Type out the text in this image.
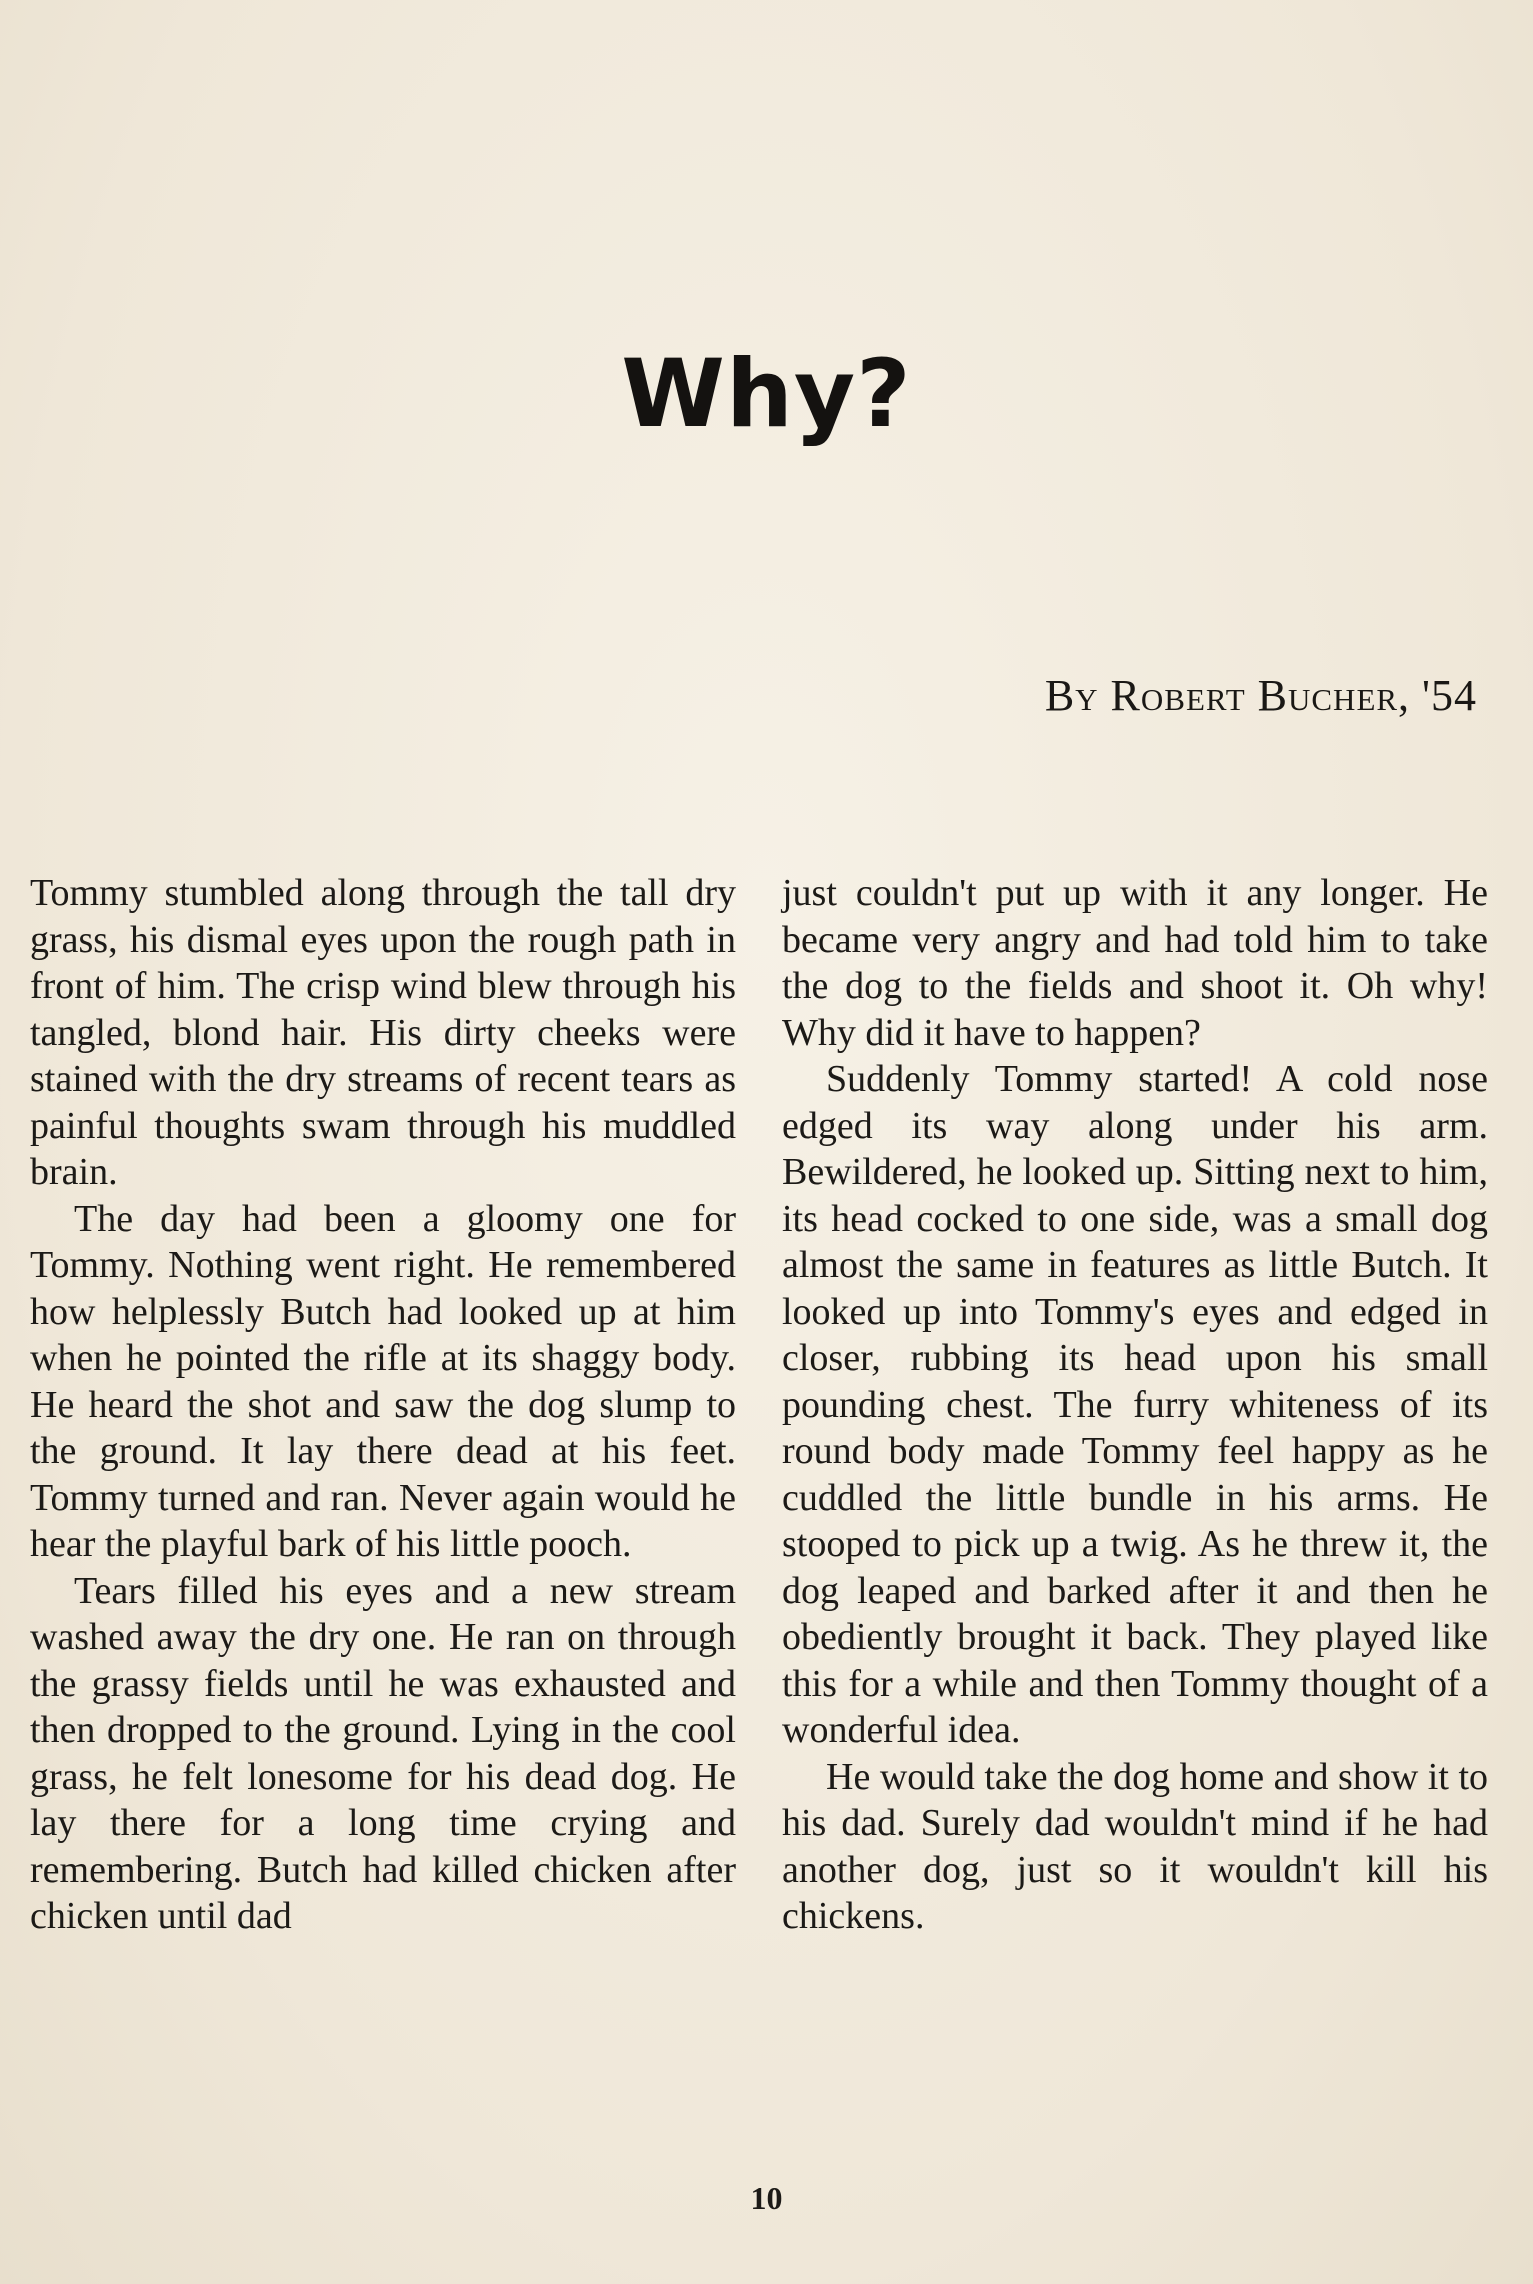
Why?

By Robert Bucher, '54

Tommy stumbled along through the tall dry grass, his dismal eyes upon the rough path in front of him. The crisp wind blew through his tangled, blond hair. His dirty cheeks were stained with the dry streams of recent tears as painful thoughts swam through his muddled brain.

The day had been a gloomy one for Tommy. Nothing went right. He remembered how helplessly Butch had looked up at him when he pointed the rifle at its shaggy body. He heard the shot and saw the dog slump to the ground. It lay there dead at his feet. Tommy turned and ran. Never again would he hear the playful bark of his little pooch.

Tears filled his eyes and a new stream washed away the dry one. He ran on through the grassy fields until he was exhausted and then dropped to the ground. Lying in the cool grass, he felt lonesome for his dead dog. He lay there for a long time crying and remembering. Butch had killed chicken after chicken until dad

just couldn't put up with it any longer. He became very angry and had told him to take the dog to the fields and shoot it. Oh why! Why did it have to happen?

Suddenly Tommy started! A cold nose edged its way along under his arm. Bewildered, he looked up. Sitting next to him, its head cocked to one side, was a small dog almost the same in features as little Butch. It looked up into Tommy's eyes and edged in closer, rubbing its head upon his small pounding chest. The furry whiteness of its round body made Tommy feel happy as he cuddled the little bundle in his arms. He stooped to pick up a twig. As he threw it, the dog leaped and barked after it and then he obediently brought it back. They played like this for a while and then Tommy thought of a wonderful idea.

He would take the dog home and show it to his dad. Surely dad wouldn't mind if he had another dog, just so it wouldn't kill his chickens.

10
